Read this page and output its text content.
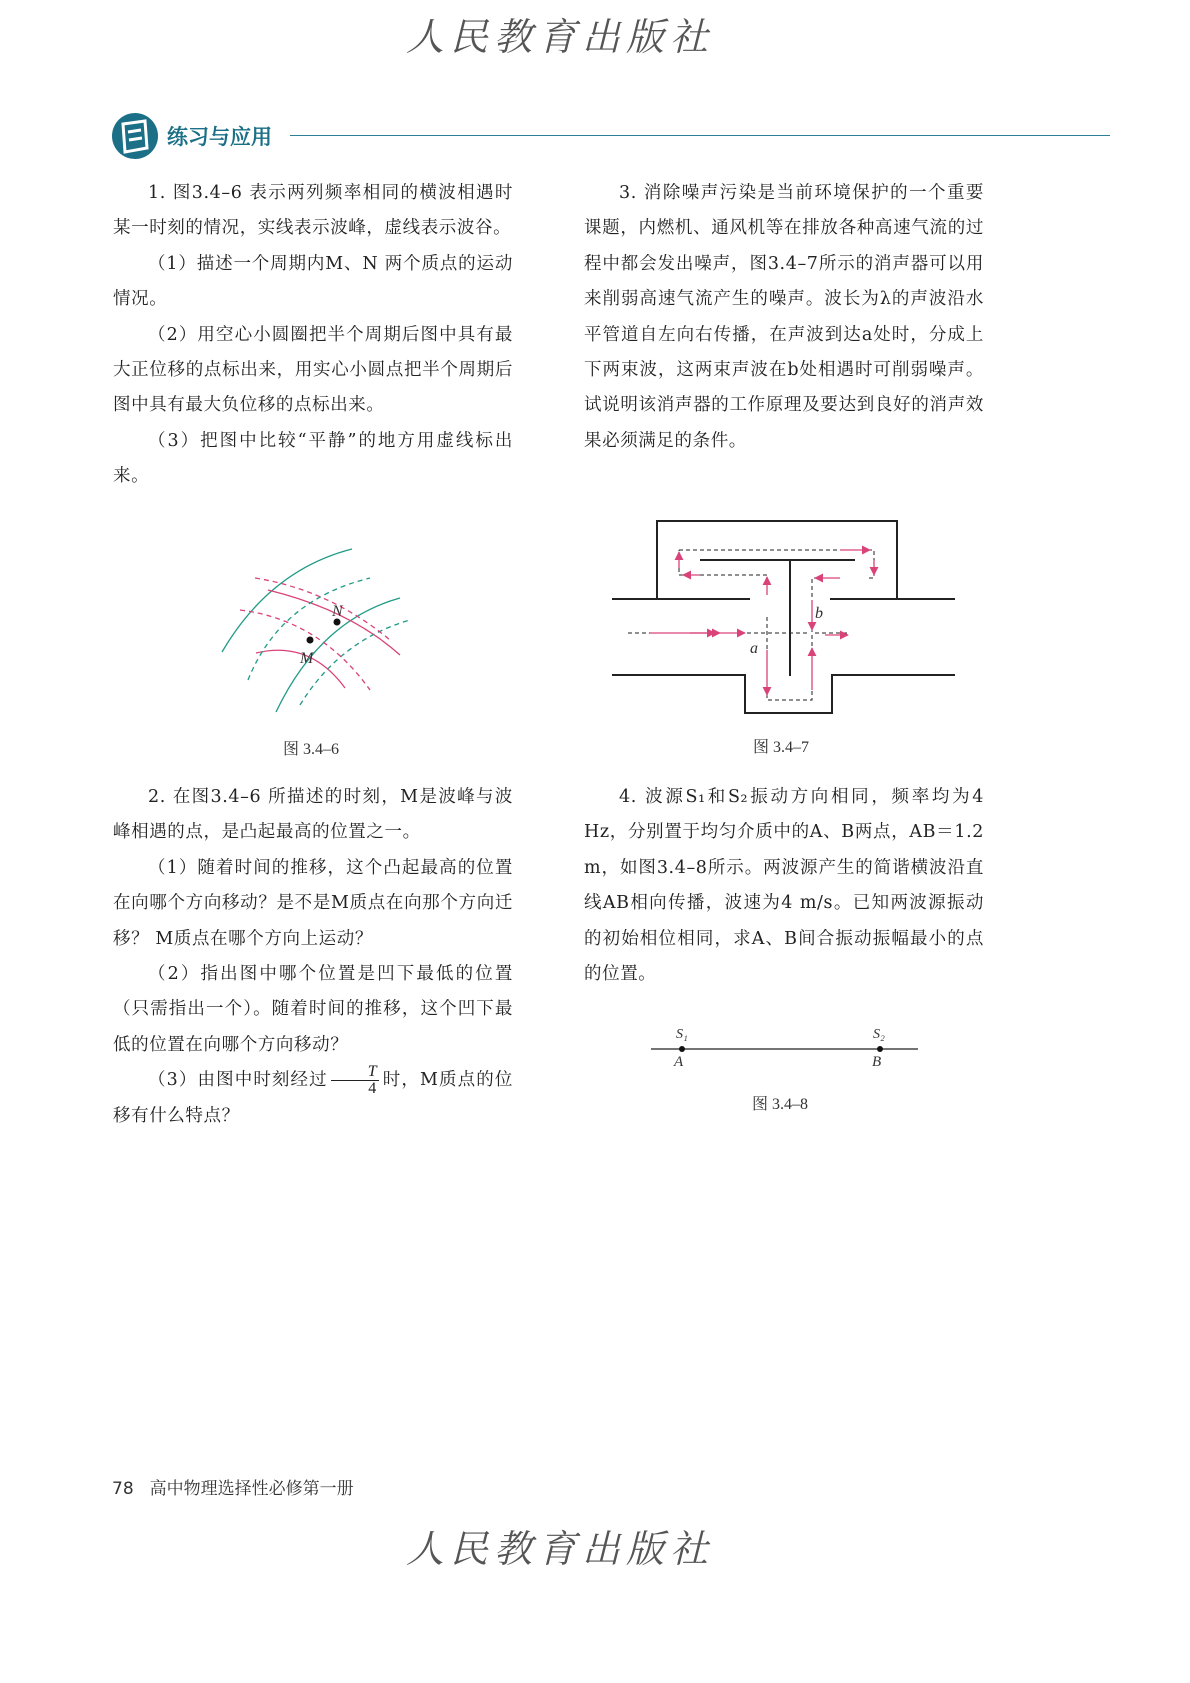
人民教育出版社
练习与应用

1. 图3.4–6 表示两列频率相同的横波相遇时某一时刻的情况，实线表示波峰，虚线表示波谷。

（1）描述一个周期内M、N 两个质点的运动情况。

（2）用空心小圆圈把半个周期后图中具有最大正位移的点标出来，用实心小圆点把半个周期后图中具有最大负位移的点标出来。

（3）把图中比较“平静”的地方用虚线标出来。

M
N
图 3.4–6

2. 在图3.4–6 所描述的时刻，M是波峰与波峰相遇的点，是凸起最高的位置之一。

（1）随着时间的推移，这个凸起最高的位置在向哪个方向移动？是不是M质点在向那个方向迁移？ M质点在哪个方向上运动？

（2）指出图中哪个位置是凹下最低的位置（只需指出一个）。随着时间的推移，这个凹下最低的位置在向哪个方向移动？

（3）由图中时刻经过 $\frac{T}{4}$ 时，M质点的位移有什么特点？

3. 消除噪声污染是当前环境保护的一个重要课题，内燃机、通风机等在排放各种高速气流的过程中都会发出噪声，图3.4–7所示的消声器可以用来削弱高速气流产生的噪声。波长为λ的声波沿水平管道自左向右传播，在声波到达a处时，分成上下两束波，这两束声波在b处相遇时可削弱噪声。试说明该消声器的工作原理及要达到良好的消声效果必须满足的条件。

a
b
图 3.4–7

4. 波源S₁和S₂振动方向相同，频率均为4 Hz，分别置于均匀介质中的A、B两点，AB＝1.2 m，如图3.4–8所示。两波源产生的简谐横波沿直线AB相向传播，波速为4 m/s。已知两波源振动的初始相位相同，求A、B间合振动振幅最小的点的位置。

S₁	S₂
A	B
图 3.4–8
78 高中物理选择性必修第一册
人民教育出版社
